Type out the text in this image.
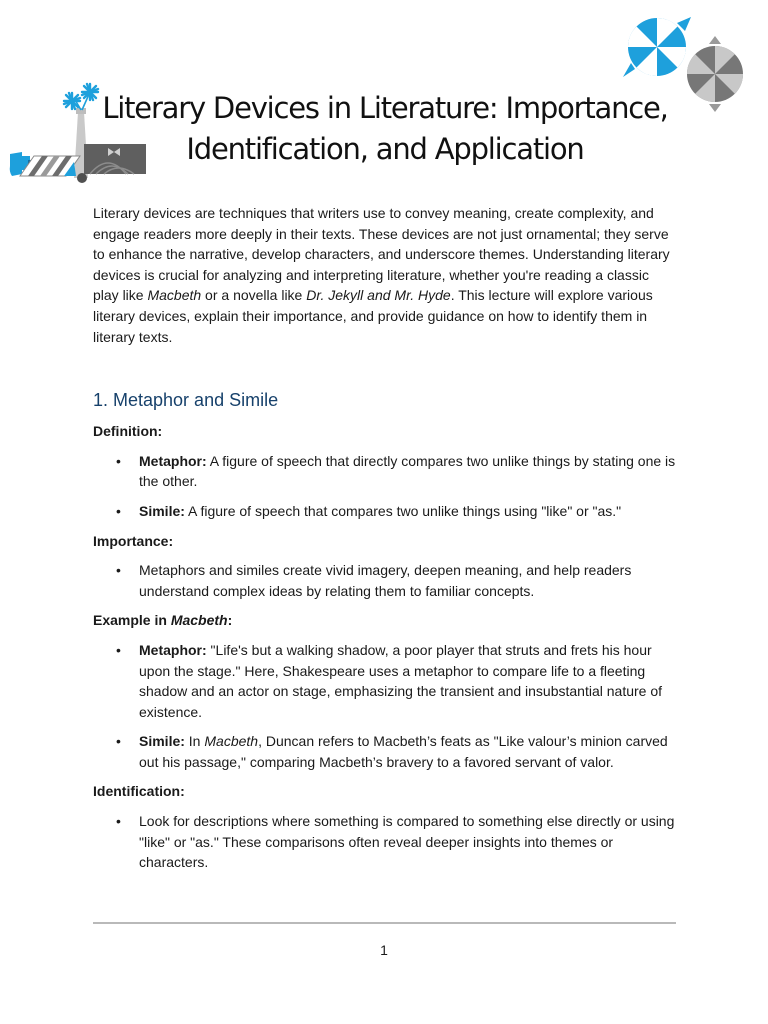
Literary Devices in Literature: Importance,
Identification, and Application

Literary devices are techniques that writers use to convey meaning, create complexity, and engage readers more deeply in their texts. These devices are not just ornamental; they serve to enhance the narrative, develop characters, and underscore themes. Understanding literary devices is crucial for analyzing and interpreting literature, whether you're reading a classic play like Macbeth or a novella like Dr. Jekyll and Mr. Hyde. This lecture will explore various literary devices, explain their importance, and provide guidance on how to identify them in literary texts.

1. Metaphor and Simile

Definition:

• Metaphor: A figure of speech that directly compares two unlike things by stating one is the other.
• Simile: A figure of speech that compares two unlike things using "like" or "as."

Importance:

• Metaphors and similes create vivid imagery, deepen meaning, and help readers understand complex ideas by relating them to familiar concepts.

Example in Macbeth:

• Metaphor: "Life's but a walking shadow, a poor player that struts and frets his hour upon the stage." Here, Shakespeare uses a metaphor to compare life to a fleeting shadow and an actor on stage, emphasizing the transient and insubstantial nature of existence.
• Simile: In Macbeth, Duncan refers to Macbeth’s feats as "Like valour’s minion carved out his passage," comparing Macbeth’s bravery to a favored servant of valor.

Identification:

• Look for descriptions where something is compared to something else directly or using "like" or "as." These comparisons often reveal deeper insights into themes or characters.
1
